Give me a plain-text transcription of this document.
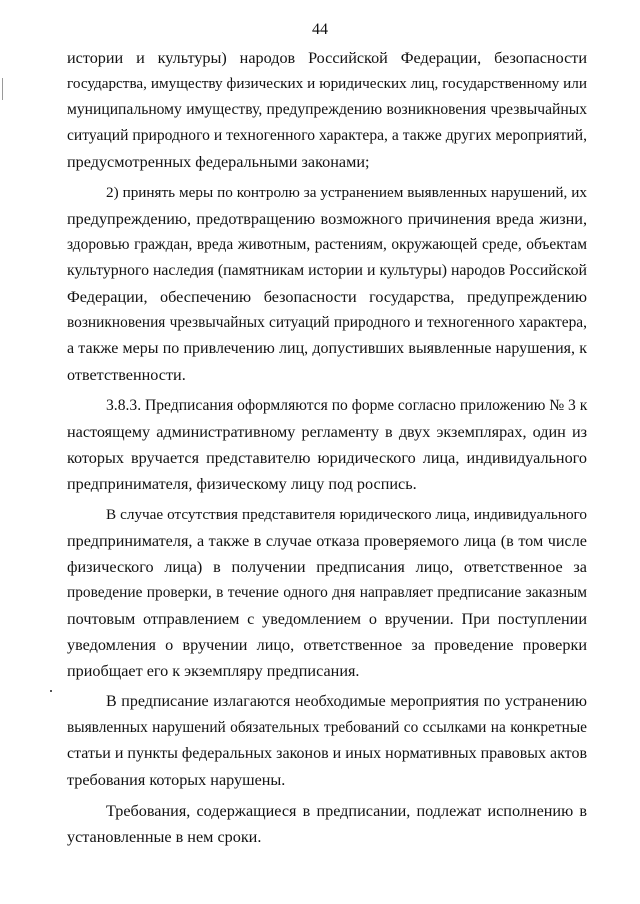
44

истории и культуры) народов Российской Федерации, безопасности
государства, имуществу физических и юридических лиц, государственному или
муниципальному имуществу, предупреждению возникновения чрезвычайных
ситуаций природного и техногенного характера, а также других мероприятий,
предусмотренных федеральными законами;

2) принять меры по контролю за устранением выявленных нарушений, их
предупреждению, предотвращению возможного причинения вреда жизни,
здоровью граждан, вреда животным, растениям, окружающей среде, объектам
культурного наследия (памятникам истории и культуры) народов Российской
Федерации, обеспечению безопасности государства, предупреждению
возникновения чрезвычайных ситуаций природного и техногенного характера,
а также меры по привлечению лиц, допустивших выявленные нарушения, к
ответственности.

3.8.3. Предписания оформляются по форме согласно приложению № 3 к
настоящему административному регламенту в двух экземплярах, один из
которых вручается представителю юридического лица, индивидуального
предпринимателя, физическому лицу под роспись.

В случае отсутствия представителя юридического лица, индивидуального
предпринимателя, а также в случае отказа проверяемого лица (в том числе
физического лица) в получении предписания лицо, ответственное за
проведение проверки, в течение одного дня направляет предписание заказным
почтовым отправлением с уведомлением о вручении. При поступлении
уведомления о вручении лицо, ответственное за проведение проверки
приобщает его к экземпляру предписания.

В предписание излагаются необходимые мероприятия по устранению
выявленных нарушений обязательных требований со ссылками на конкретные
статьи и пункты федеральных законов и иных нормативных правовых актов
требования которых нарушены.

Требования, содержащиеся в предписании, подлежат исполнению в
установленные в нем сроки.
